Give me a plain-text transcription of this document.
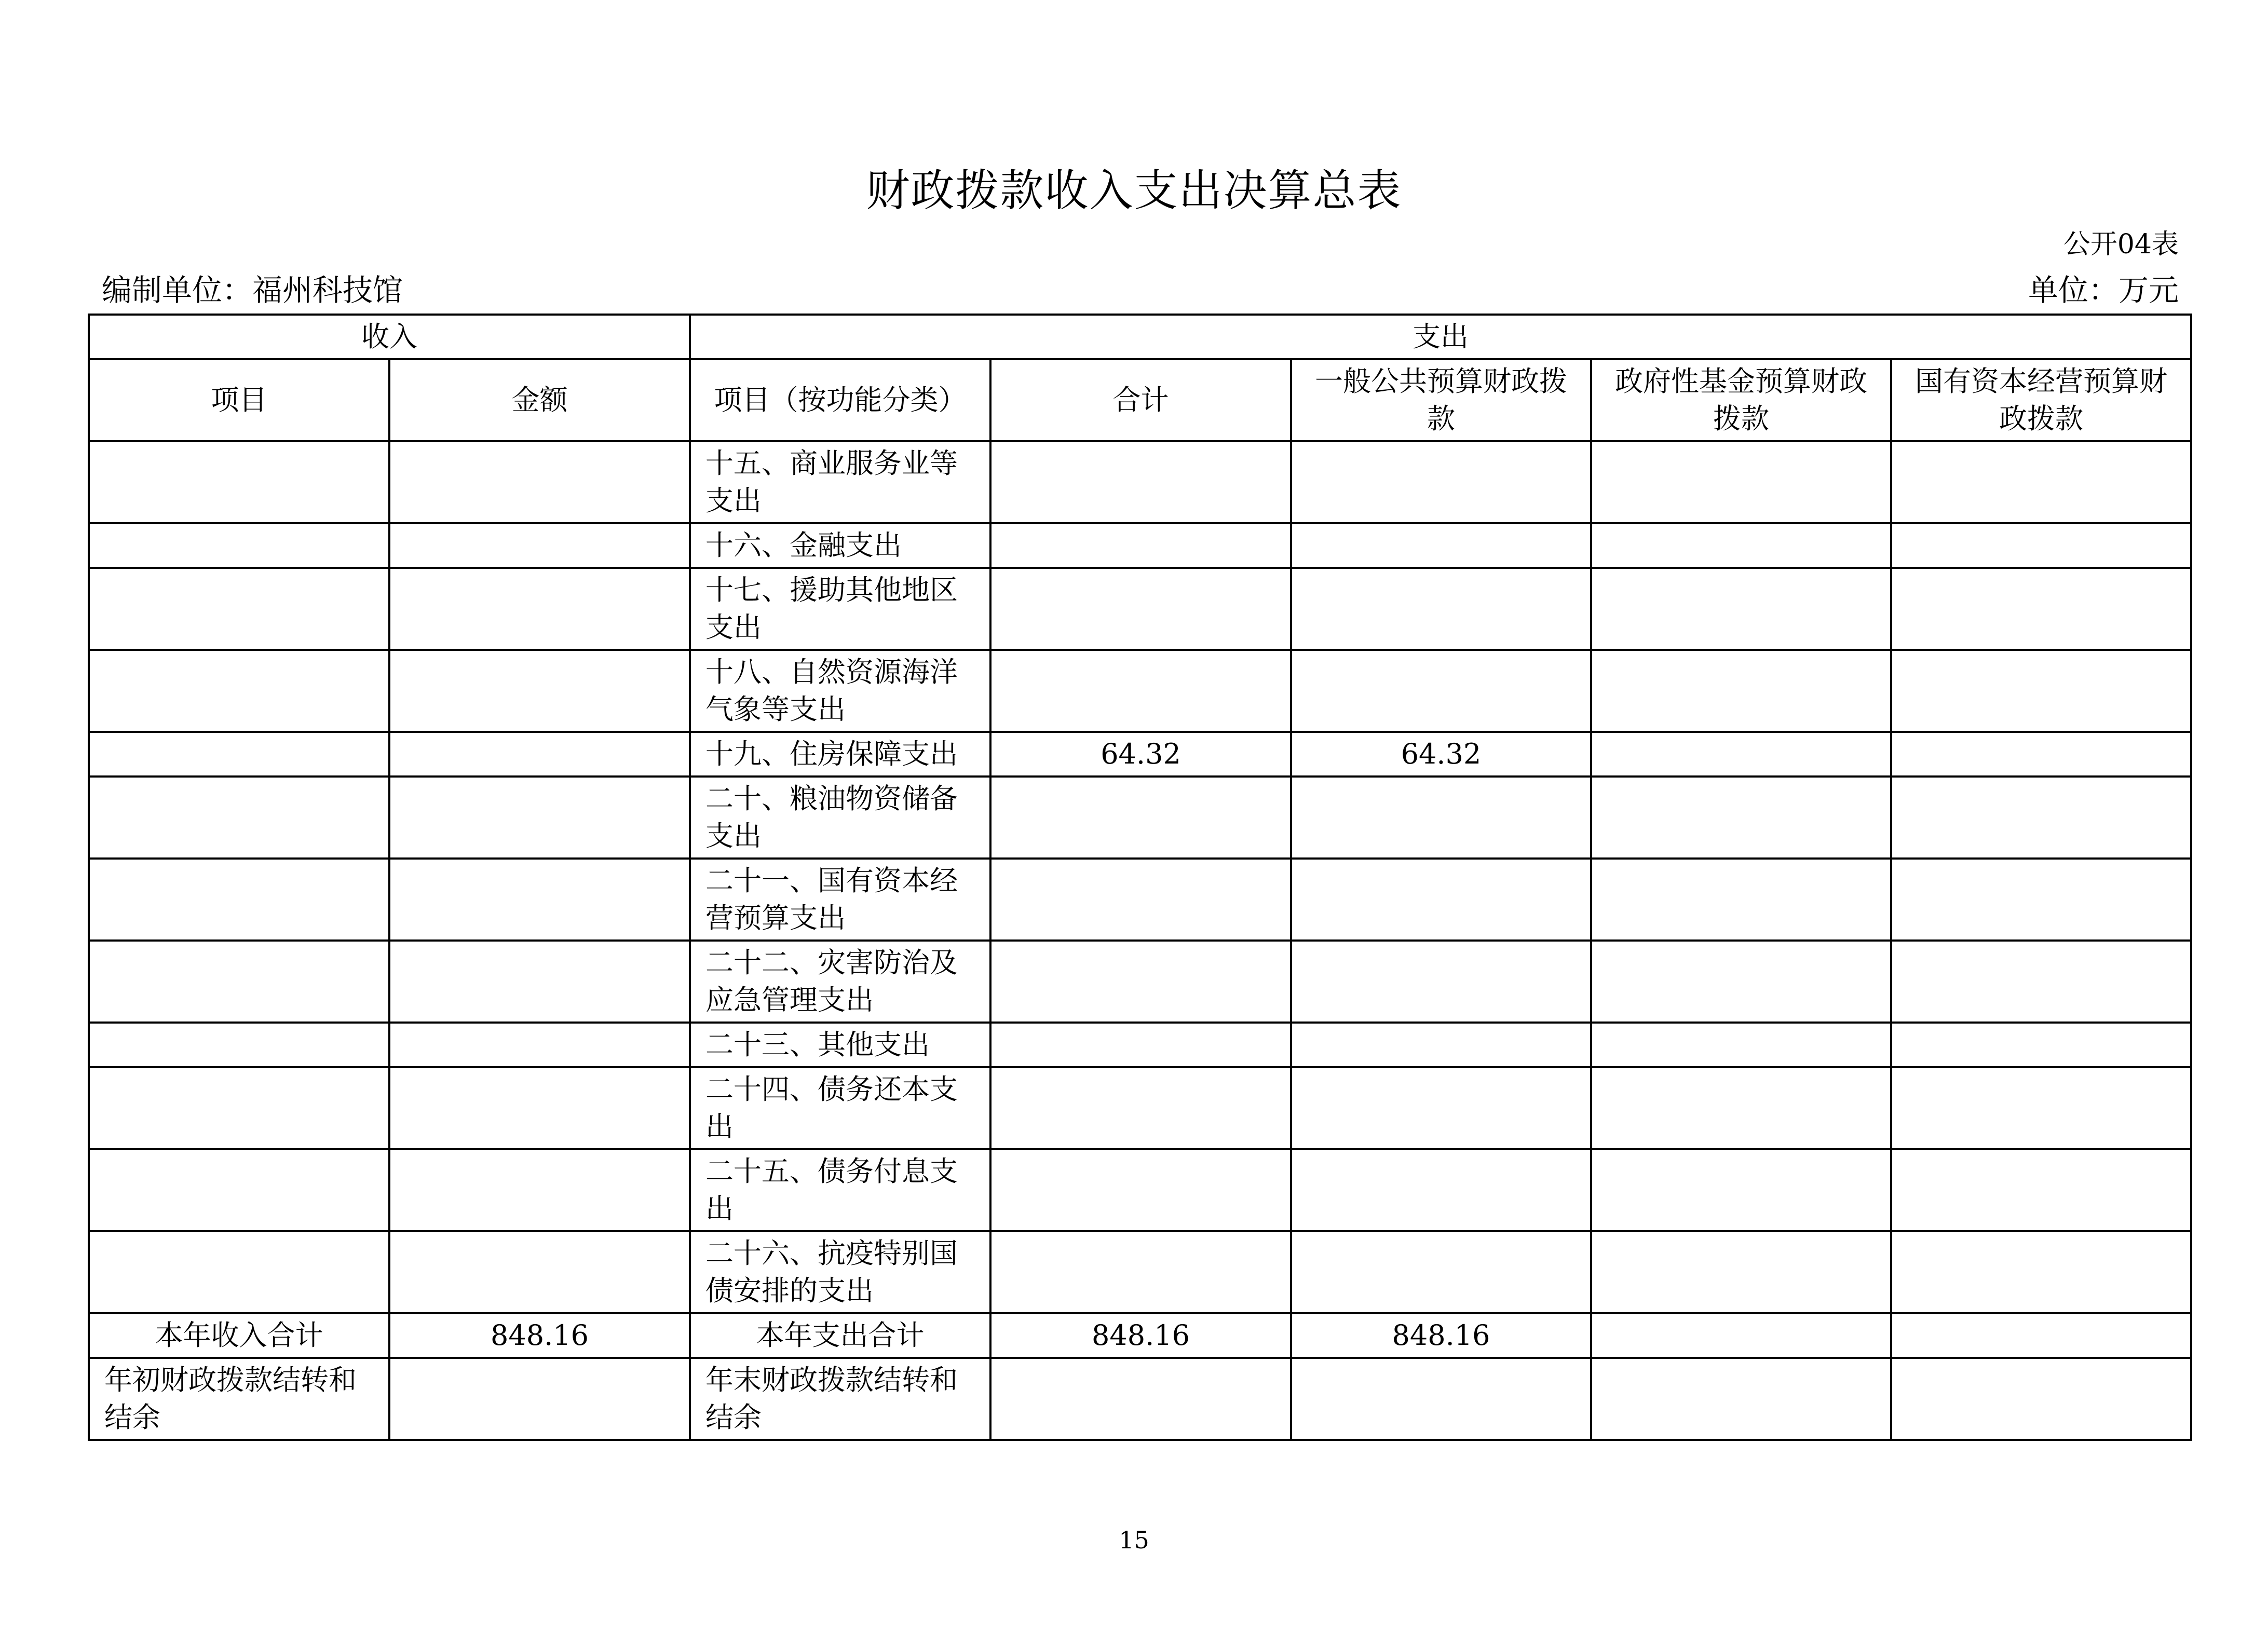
财政拨款收入支出决算总表
公开04表
编制单位：福州科技馆	单位：万元
收入		支出				
项目	金额	项目（按功能分类）	合计	一般公共预算财政拨款	政府性基金预算财政拨款	国有资本经营预算财政拨款
		十五、商业服务业等支出				
		十六、金融支出				
		十七、援助其他地区支出				
		十八、自然资源海洋气象等支出				
		十九、住房保障支出	64.32	64.32		
		二十、粮油物资储备支出				
		二十一、国有资本经营预算支出				
		二十二、灾害防治及应急管理支出				
		二十三、其他支出				
		二十四、债务还本支出				
		二十五、债务付息支出				
		二十六、抗疫特别国债安排的支出				
本年收入合计	848.16	本年支出合计	848.16	848.16		
年初财政拨款结转和结余		年末财政拨款结转和结余				
15
